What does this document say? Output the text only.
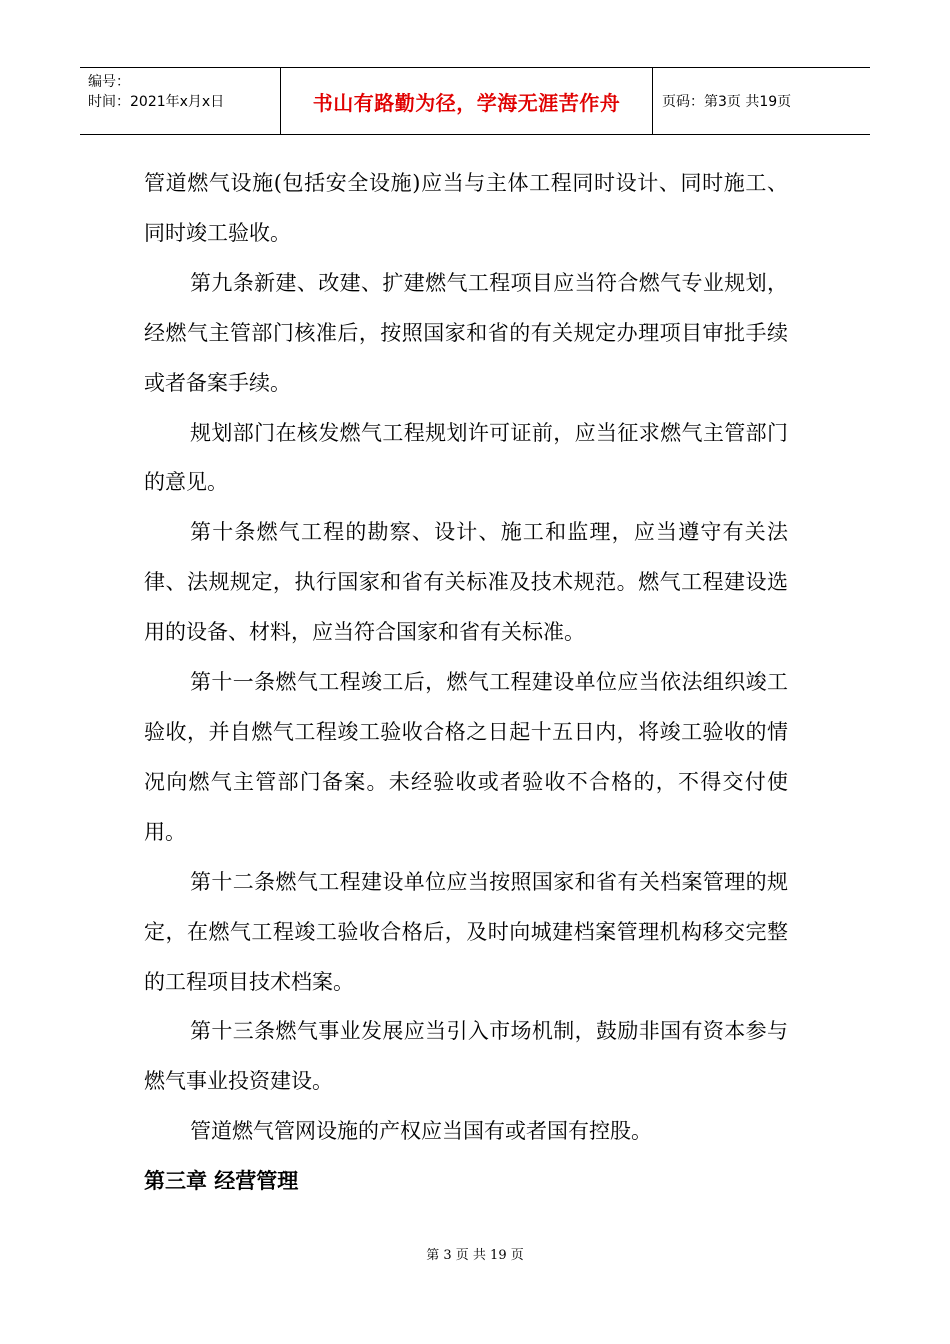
编号：
时间：2021年x月x日	书山有路勤为径，学海无涯苦作舟	页码：第3页 共19页

管道燃气设施(包括安全设施)应当与主体工程同时设计、同时施工、同时竣工验收。

第九条新建、改建、扩建燃气工程项目应当符合燃气专业规划，经燃气主管部门核准后，按照国家和省的有关规定办理项目审批手续或者备案手续。

规划部门在核发燃气工程规划许可证前，应当征求燃气主管部门的意见。

第十条燃气工程的勘察、设计、施工和监理，应当遵守有关法律、法规规定，执行国家和省有关标准及技术规范。燃气工程建设选用的设备、材料，应当符合国家和省有关标准。

第十一条燃气工程竣工后，燃气工程建设单位应当依法组织竣工验收，并自燃气工程竣工验收合格之日起十五日内，将竣工验收的情况向燃气主管部门备案。未经验收或者验收不合格的，不得交付使用。

第十二条燃气工程建设单位应当按照国家和省有关档案管理的规定，在燃气工程竣工验收合格后，及时向城建档案管理机构移交完整的工程项目技术档案。

第十三条燃气事业发展应当引入市场机制，鼓励非国有资本参与燃气事业投资建设。

管道燃气管网设施的产权应当国有或者国有控股。

第三章 经营管理
第 3 页 共 19 页
